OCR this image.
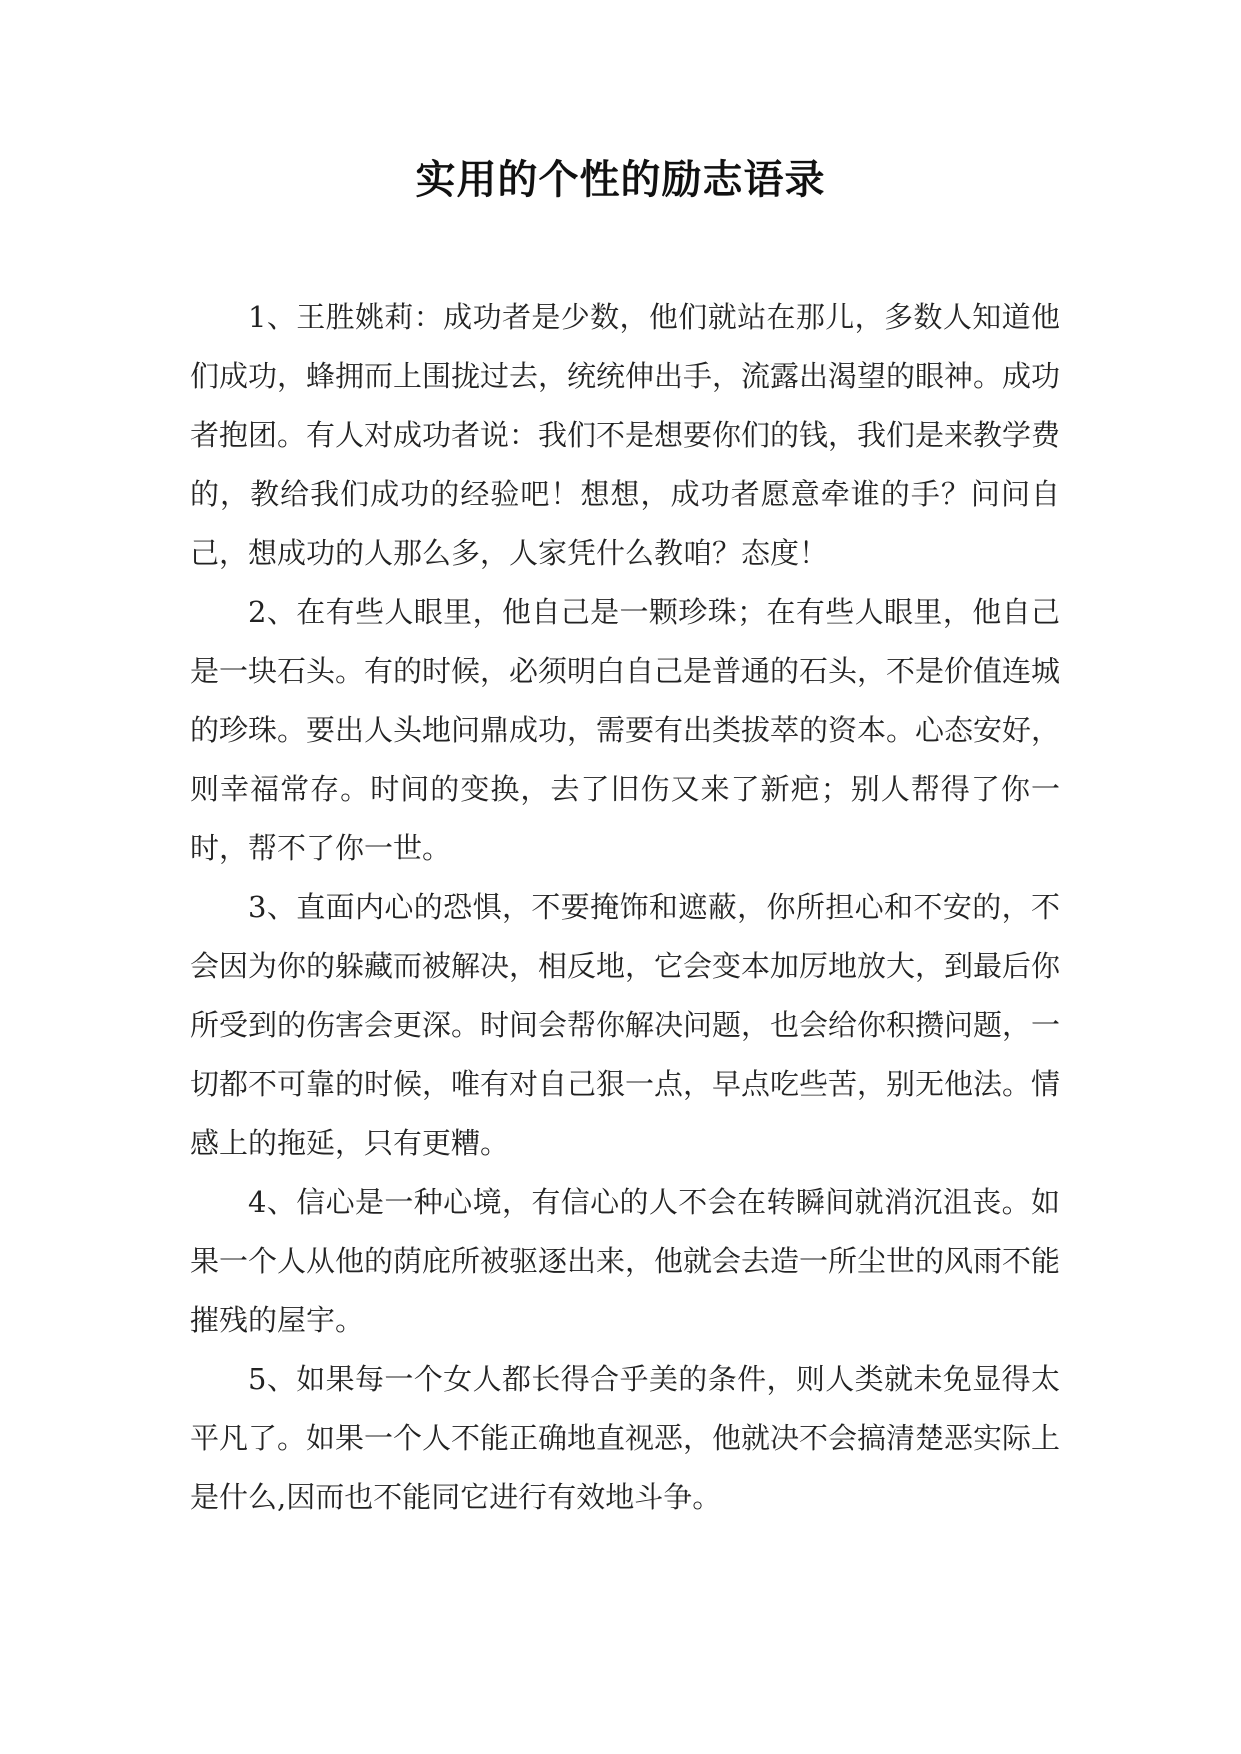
实用的个性的励志语录

1、王胜姚莉：成功者是少数，他们就站在那儿，多数人知道他们成功，蜂拥而上围拢过去，统统伸出手，流露出渴望的眼神。成功者抱团。有人对成功者说：我们不是想要你们的钱，我们是来教学费的，教给我们成功的经验吧！想想，成功者愿意牵谁的手？问问自己，想成功的人那么多，人家凭什么教咱？态度！

2、在有些人眼里，他自己是一颗珍珠；在有些人眼里，他自己是一块石头。有的时候，必须明白自己是普通的石头，不是价值连城的珍珠。要出人头地问鼎成功，需要有出类拔萃的资本。心态安好，则幸福常存。时间的变换，去了旧伤又来了新疤；别人帮得了你一时，帮不了你一世。

3、直面内心的恐惧，不要掩饰和遮蔽，你所担心和不安的，不会因为你的躲藏而被解决，相反地，它会变本加厉地放大，到最后你所受到的伤害会更深。时间会帮你解决问题，也会给你积攒问题，一切都不可靠的时候，唯有对自己狠一点，早点吃些苦，别无他法。情感上的拖延，只有更糟。

4、信心是一种心境，有信心的人不会在转瞬间就消沉沮丧。如果一个人从他的荫庇所被驱逐出来，他就会去造一所尘世的风雨不能摧残的屋宇。

5、如果每一个女人都长得合乎美的条件，则人类就未免显得太平凡了。如果一个人不能正确地直视恶，他就决不会搞清楚恶实际上是什么,因而也不能同它进行有效地斗争。
